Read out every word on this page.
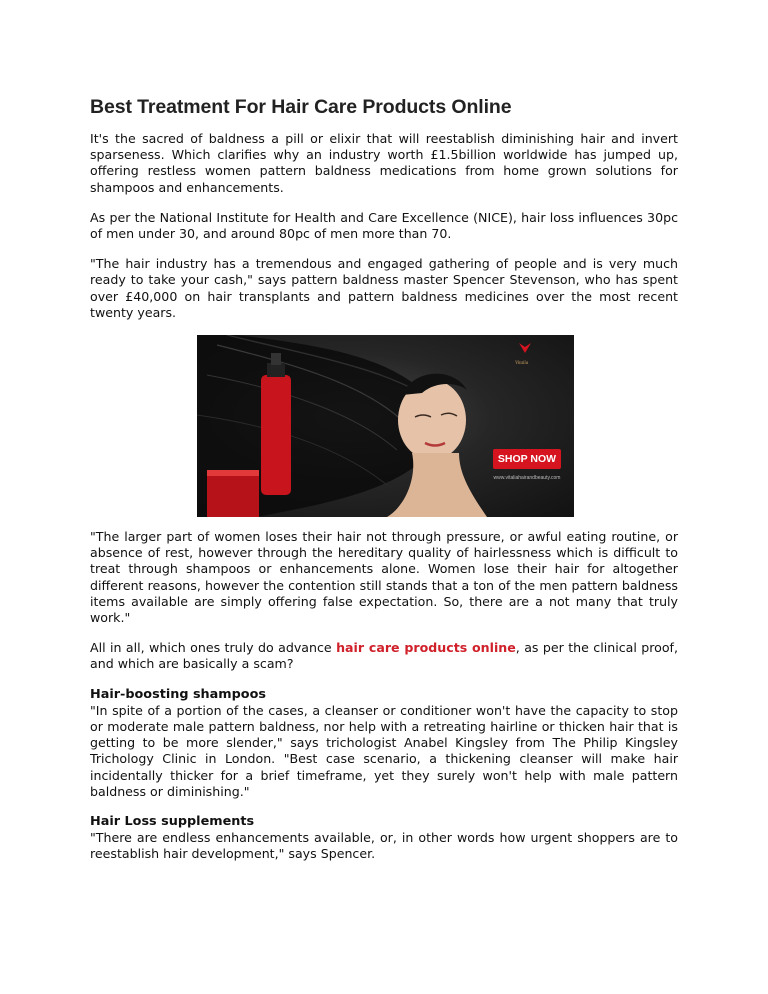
Best Treatment For Hair Care Products Online

It's the sacred of baldness a pill or elixir that will reestablish diminishing hair and invert sparseness. Which clarifies why an industry worth £1.5billion worldwide has jumped up, offering restless women pattern baldness medications from home grown solutions for shampoos and enhancements.

As per the National Institute for Health and Care Excellence (NICE), hair loss influences 30pc of men under 30, and around 80pc of men more than 70.

"The hair industry has a tremendous and engaged gathering of people and is very much ready to take your cash," says pattern baldness master Spencer Stevenson, who has spent over £40,000 on hair transplants and pattern baldness medicines over the most recent twenty years.

Vitalia
SHOP NOW
www.vitaliahairandbeauty.com

"The larger part of women loses their hair not through pressure, or awful eating routine, or absence of rest, however through the hereditary quality of hairlessness which is difficult to treat through shampoos or enhancements alone. Women lose their hair for altogether different reasons, however the contention still stands that a ton of the men pattern baldness items available are simply offering false expectation. So, there are a not many that truly work."

All in all, which ones truly do advance hair care products online, as per the clinical proof, and which are basically a scam?

Hair-boosting shampoos
"In spite of a portion of the cases, a cleanser or conditioner won't have the capacity to stop or moderate male pattern baldness, nor help with a retreating hairline or thicken hair that is getting to be more slender," says trichologist Anabel Kingsley from The Philip Kingsley Trichology Clinic in London. "Best case scenario, a thickening cleanser will make hair incidentally thicker for a brief timeframe, yet they surely won't help with male pattern baldness or diminishing."

Hair Loss supplements
"There are endless enhancements available, or, in other words how urgent shoppers are to reestablish hair development," says Spencer.
